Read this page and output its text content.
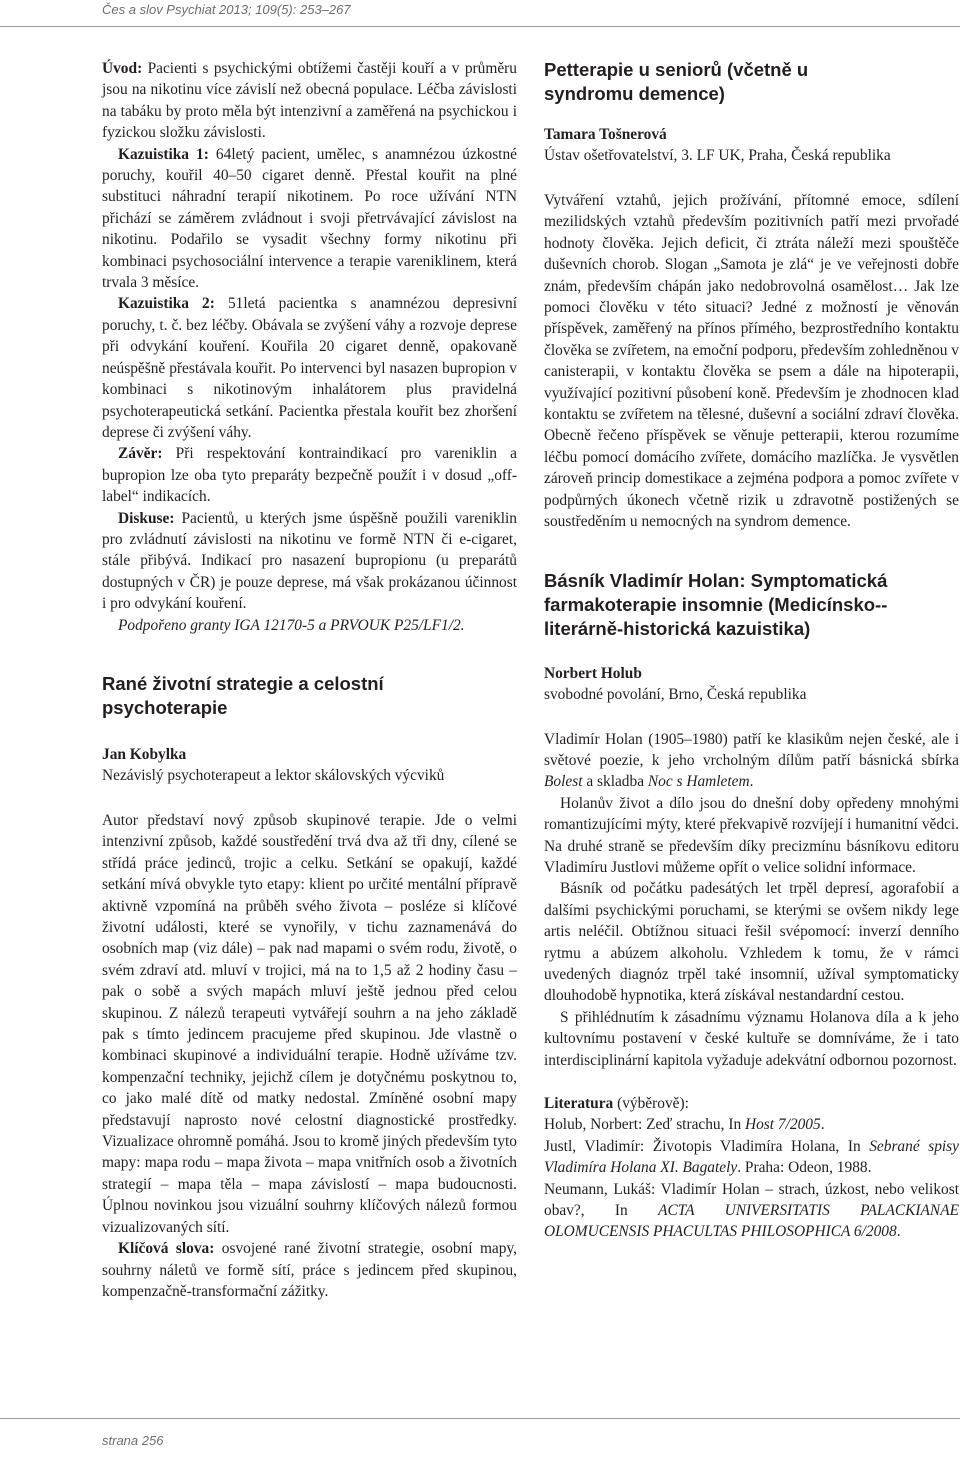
Čes a slov Psychiat 2013; 109(5): 253–267

Úvod: Pacienti s psychickými obtížemi častěji kouří a v průměru jsou na nikotinu více závislí než obecná populace. Léčba závislosti na tabáku by proto měla být intenzivní a zaměřená na psychickou i fyzickou složku závislosti.

Kazuistika 1: 64letý pacient, umělec, s anamnézou úzkostné poruchy, kouřil 40–50 cigaret denně. Přestal kouřit na plné substituci náhradní terapií nikotinem. Po roce užívání NTN přichází se záměrem zvládnout i svoji přetrvávající závislost na nikotinu. Podařilo se vysadit všechny formy nikotinu při kombinaci psychosociální intervence a terapie vareniklinem, která trvala 3 měsíce.

Kazuistika 2: 51letá pacientka s anamnézou depresivní poruchy, t. č. bez léčby. Obávala se zvýšení váhy a rozvoje deprese při odvykání kouření. Kouřila 20 cigaret denně, opakovaně neúspěšně přestávala kouřit. Po intervenci byl nasazen bupropion v kombinaci s nikotinovým inhalátorem plus pravidelná psychoterapeutická setkání. Pacientka přestala kouřit bez zhoršení deprese či zvýšení váhy.

Závěr: Při respektování kontraindikací pro vareniklin a bupropion lze oba tyto preparáty bezpečně použít i v dosud „off-label“ indikacích.

Diskuse: Pacientů, u kterých jsme úspěšně použili vareniklin pro zvládnutí závislosti na nikotinu ve formě NTN či e-cigaret, stále přibývá. Indikací pro nasazení bupropionu (u preparátů dostupných v ČR) je pouze deprese, má však prokázanou účinnost i pro odvykání kouření.

Podpořeno granty IGA 12170-5 a PRVOUK P25/LF1/2.

Rané životní strategie a celostní psychoterapie

Jan Kobylka

Nezávislý psychoterapeut a lektor skálovských výcviků

Autor představí nový způsob skupinové terapie. Jde o velmi intenzivní způsob, každé soustředění trvá dva až tři dny, cílené se střídá práce jedinců, trojic a celku. Setkání se opakují, každé setkání mívá obvykle tyto etapy: klient po určité mentální přípravě aktivně vzpomíná na průběh svého života – posléze si klíčové životní události, které se vynořily, v tichu zaznamenává do osobních map (viz dále) – pak nad mapami o svém rodu, životě, o svém zdraví atd. mluví v trojici, má na to 1,5 až 2 hodiny času – pak o sobě a svých mapách mluví ještě jednou před celou skupinou. Z nálezů terapeuti vytvářejí souhrn a na jeho základě pak s tímto jedincem pracujeme před skupinou. Jde vlastně o kombinaci skupinové a individuální terapie. Hodně užíváme tzv. kompenzační techniky, jejichž cílem je dotyčnému poskytnou to, co jako malé dítě od matky nedostal. Zmíněné osobní mapy představují naprosto nové celostní diagnostické prostředky. Vizualizace ohromně pomáhá. Jsou to kromě jiných především tyto mapy: mapa rodu – mapa života – mapa vnitřních osob a životních strategií – mapa těla – mapa závislostí – mapa budoucnosti. Úplnou novinkou jsou vizuální souhrny klíčových nálezů formou vizualizovaných sítí.

Klíčová slova: osvojené rané životní strategie, osobní mapy, souhrny náletů ve formě sítí, práce s jedincem před skupinou, kompenzačně-transformační zážitky.

Petterapie u seniorů (včetně u syndromu demence)

Tamara Tošnerová

Ústav ošetřovatelství, 3. LF UK, Praha, Česká republika

Vytváření vztahů, jejich prožívání, přítomné emoce, sdílení mezilidských vztahů především pozitivních patří mezi prvořadé hodnoty člověka. Jejich deficit, či ztráta náleží mezi spouštěče duševních chorob. Slogan „Samota je zlá“ je ve veřejnosti dobře znám, především chápán jako nedobrovolná osamělost… Jak lze pomoci člověku v této situaci? Jedné z možností je věnován příspěvek, zaměřený na přínos přímého, bezprostředního kontaktu člověka se zvířetem, na emoční podporu, především zohledněnou v canisterapii, v kontaktu člověka se psem a dále na hipoterapii, využívající pozitivní působení koně. Především je zhodnocen klad kontaktu se zvířetem na tělesné, duševní a sociální zdraví člověka. Obecně řečeno příspěvek se věnuje petterapii, kterou rozumíme léčbu pomocí domácího zvířete, domácího mazlíčka. Je vysvětlen zároveň princip domestikace a zejména podpora a pomoc zvířete v podpůrných úkonech včetně rizik u zdravotně postižených se soustředěním u nemocných na syndrom demence.

Básník Vladimír Holan: Symptomatická farmakoterapie insomnie (Medicínsko--literárně-historická kazuistika)

Norbert Holub

svobodné povolání, Brno, Česká republika

Vladimír Holan (1905–1980) patří ke klasikům nejen české, ale i světové poezie, k jeho vrcholným dílům patří básnická sbírka Bolest a skladba Noc s Hamletem.

Holanův život a dílo jsou do dnešní doby opředeny mnohými romantizujícími mýty, které překvapivě rozvíjejí i humanitní vědci. Na druhé straně se především díky precizmínu básníkovu editoru Vladimíru Justlovi můžeme opřít o velice solidní informace.

Básník od počátku padesátých let trpěl depresí, agorafobií a dalšími psychickými poruchami, se kterými se ovšem nikdy lege artis neléčil. Obtížnou situaci řešil svépomocí: inverzí denního rytmu a abúzem alkoholu. Vzhledem k tomu, že v rámci uvedených diagnóz trpěl také insomnií, užíval symptomaticky dlouhodobě hypnotika, která získával nestandardní cestou.

S přihlédnutím k zásadnímu významu Holanova díla a k jeho kultovnímu postavení v české kultuře se domníváme, že i tato interdisciplinární kapitola vyžaduje adekvátní odbornou pozornost.

Literatura (výběrově):

Holub, Norbert: Zeď strachu, In Host 7/2005.

Justl, Vladimír: Životopis Vladimíra Holana, In Sebrané spisy Vladimíra Holana XI. Bagately. Praha: Odeon, 1988.

Neumann, Lukáš: Vladimír Holan – strach, úzkost, nebo velikost obav?, In ACTA UNIVERSITATIS PALACKIANAE OLOMUCENSIS PHACULTAS PHILOSOPHICA 6/2008.

strana 256
